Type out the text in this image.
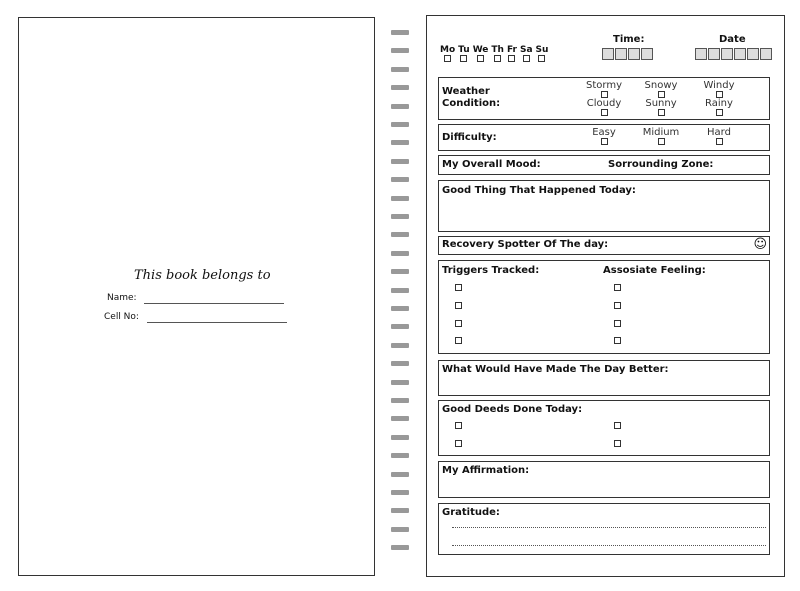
This book belongs to
Name:
Cell No:
Mo Tu We Th Fr Sa Su
Time:	Date
Weather
Condition:
Stormy	Snowy	Windy
Cloudy	Sunny	Rainy
Difficulty:	Easy	Midium	Hard
My Overall Mood:	Sorrounding Zone:
Good Thing That Happened Today:
Recovery Spotter Of The day:	☺
Triggers Tracked:	Assosiate Feeling:
What Would Have Made The Day Better:
Good Deeds Done Today:
My Affirmation:
Gratitude:
